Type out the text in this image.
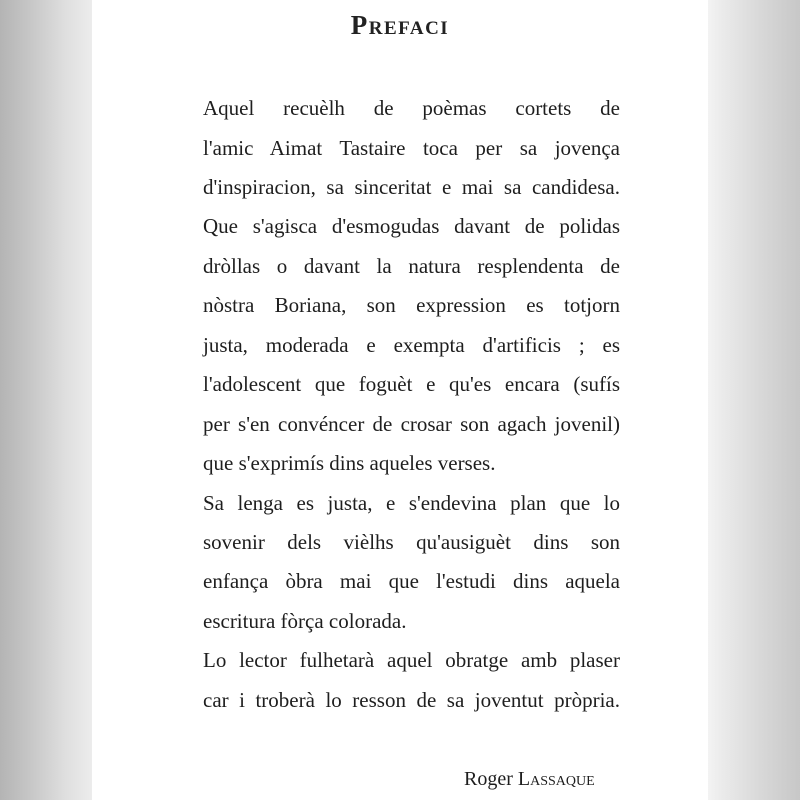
Prefaci
Aquel recuèlh de poèmas cortets de
l'amic Aimat Tastaire toca per sa jovença
d'inspiracion, sa sinceritat e mai sa candidesa.
Que s'agisca d'esmogudas davant de polidas
dròllas o davant la natura resplendenta de
nòstra Boriana, son expression es totjorn
justa, moderada e exempta d'artificis ; es
l'adolescent que foguèt e qu'es encara (sufís
per s'en convéncer de crosar son agach jovenil)
que s'exprimís dins aqueles verses.
Sa lenga es justa, e s'endevina plan que lo
sovenir dels vièlhs qu'ausiguèt dins son
enfança òbra mai que l'estudi dins aquela
escritura fòrça colorada.
Lo lector fulhetarà aquel obratge amb plaser
car i troberà lo resson de sa joventut pròpria.
Roger Lassaque
